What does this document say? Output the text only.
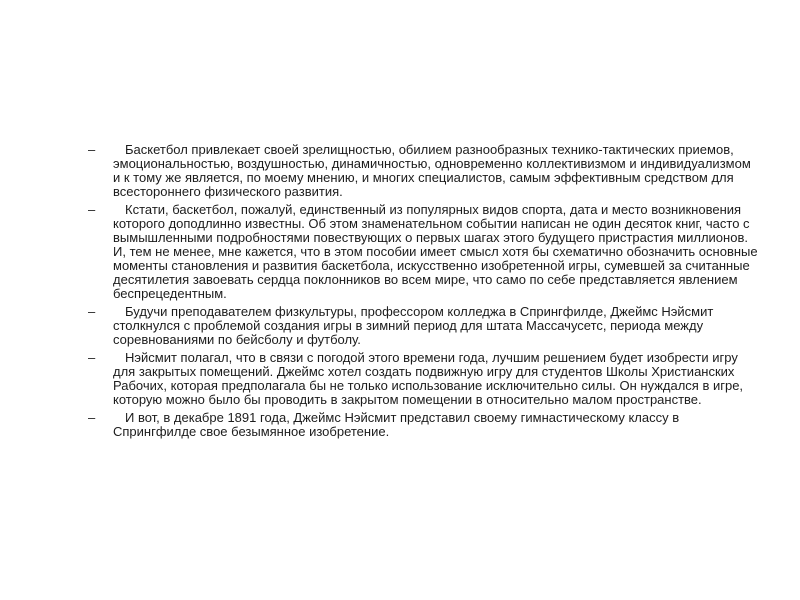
–	Баскетбол привлекает своей зрелищностью, обилием разнообразных технико-тактических приемов, эмоциональностью, воздушностью, динамичностью, одновременно коллективизмом и индивидуализмом и к тому же является, по моему мнению, и многих специалистов, самым эффективным средством для всестороннего физического развития.
–	Кстати, баскетбол, пожалуй, единственный из популярных видов спорта, дата и место возникновения которого доподлинно известны. Об этом знаменательном событии написан не один десяток книг, часто с вымышленными подробностями повествующих о первых шагах этого будущего пристрастия миллионов. И, тем не менее, мне кажется, что в этом пособии имеет смысл хотя бы схематично обозначить основные моменты становления и развития баскетбола, искусственно изобретенной игры, сумевшей за считанные десятилетия завоевать сердца поклонников во всем мире, что само по себе представляется явлением беспрецедентным.
–	Будучи преподавателем физкультуры, профессором колледжа в Спрингфилде, Джеймс Нэйсмит столкнулся с проблемой создания игры в зимний период для штата Массачусетс, периода между соревнованиями по бейсболу и футболу.
–	Нэйсмит полагал, что в связи с погодой этого времени года, лучшим решением будет изобрести игру для закрытых помещений. Джеймс хотел создать подвижную игру для студентов Школы Христианских Рабочих, которая предполагала бы не только использование исключительно силы. Он нуждался в игре, которую можно было бы проводить в закрытом помещении в относительно малом пространстве.
–	И вот, в декабре 1891 года, Джеймс Нэйсмит представил своему гимнастическому классу в Спрингфилде свое безымянное изобретение.
